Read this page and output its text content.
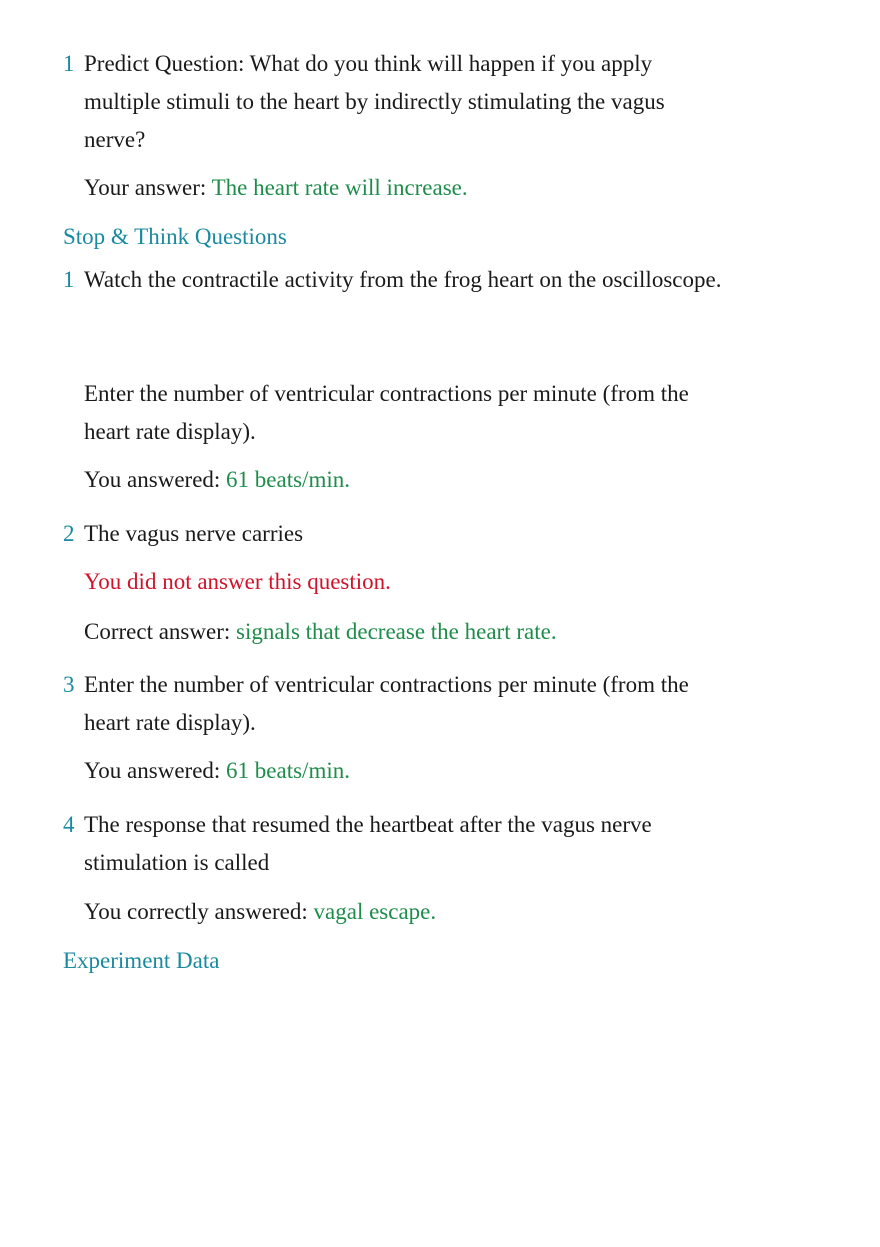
1 Predict Question: What do you think will happen if you apply multiple stimuli to the heart by indirectly stimulating the vagus nerve?
Your answer: The heart rate will increase.
Stop & Think Questions
1 Watch the contractile activity from the frog heart on the oscilloscope.
Enter the number of ventricular contractions per minute (from the heart rate display).
You answered: 61 beats/min.
2 The vagus nerve carries
You did not answer this question.
Correct answer: signals that decrease the heart rate.
3 Enter the number of ventricular contractions per minute (from the heart rate display).
You answered: 61 beats/min.
4 The response that resumed the heartbeat after the vagus nerve stimulation is called
You correctly answered: vagal escape.
Experiment Data
